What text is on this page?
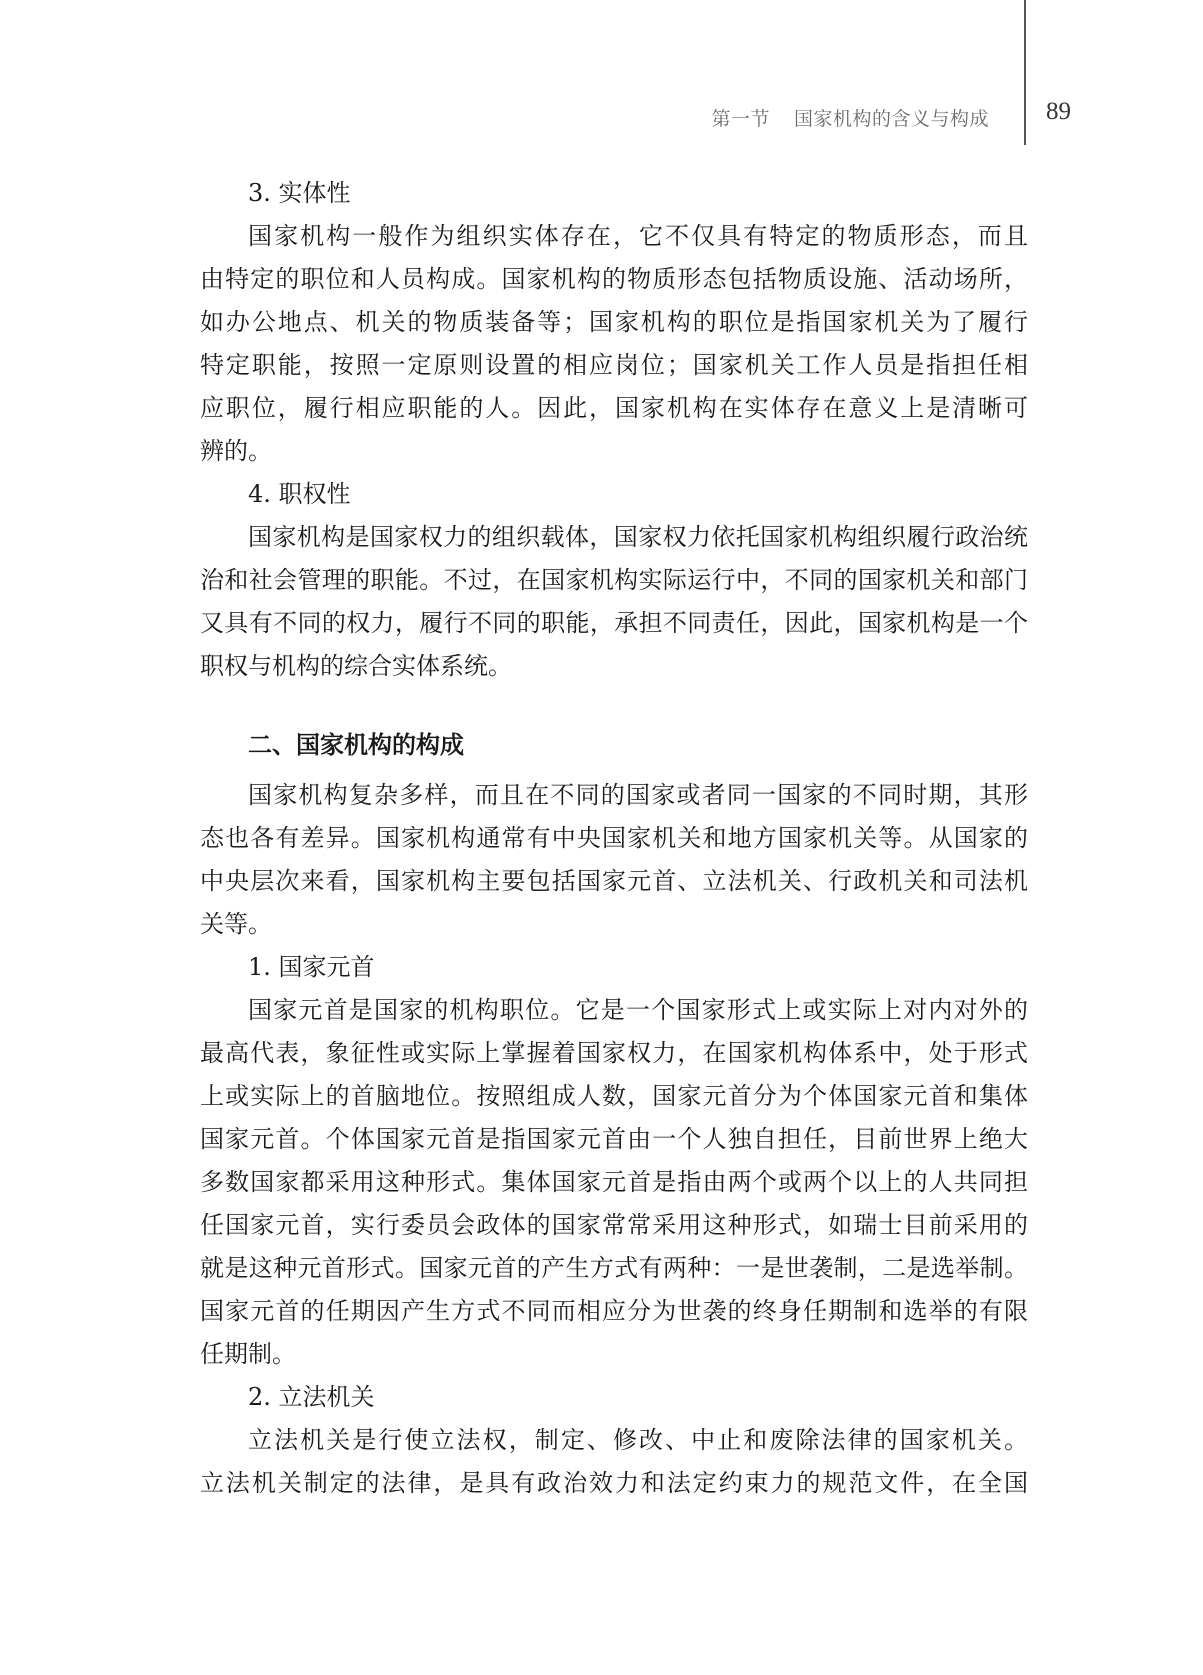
第一节 国家机构的含义与构成 89
3. 实体性
国家机构一般作为组织实体存在，它不仅具有特定的物质形态，而且
由特定的职位和人员构成。国家机构的物质形态包括物质设施、活动场所，
如办公地点、机关的物质装备等；国家机构的职位是指国家机关为了履行
特定职能，按照一定原则设置的相应岗位；国家机关工作人员是指担任相
应职位，履行相应职能的人。因此，国家机构在实体存在意义上是清晰可
辨的。
4. 职权性
国家机构是国家权力的组织载体，国家权力依托国家机构组织履行政治统
治和社会管理的职能。不过，在国家机构实际运行中，不同的国家机关和部门
又具有不同的权力，履行不同的职能，承担不同责任，因此，国家机构是一个
职权与机构的综合实体系统。
二、国家机构的构成
国家机构复杂多样，而且在不同的国家或者同一国家的不同时期，其形
态也各有差异。国家机构通常有中央国家机关和地方国家机关等。从国家的
中央层次来看，国家机构主要包括国家元首、立法机关、行政机关和司法机
关等。
1. 国家元首
国家元首是国家的机构职位。它是一个国家形式上或实际上对内对外的
最高代表，象征性或实际上掌握着国家权力，在国家机构体系中，处于形式
上或实际上的首脑地位。按照组成人数，国家元首分为个体国家元首和集体
国家元首。个体国家元首是指国家元首由一个人独自担任，目前世界上绝大
多数国家都采用这种形式。集体国家元首是指由两个或两个以上的人共同担
任国家元首，实行委员会政体的国家常常采用这种形式，如瑞士目前采用的
就是这种元首形式。国家元首的产生方式有两种：一是世袭制，二是选举制。
国家元首的任期因产生方式不同而相应分为世袭的终身任期制和选举的有限
任期制。
2. 立法机关
立法机关是行使立法权，制定、修改、中止和废除法律的国家机关。
立法机关制定的法律，是具有政治效力和法定约束力的规范文件，在全国
